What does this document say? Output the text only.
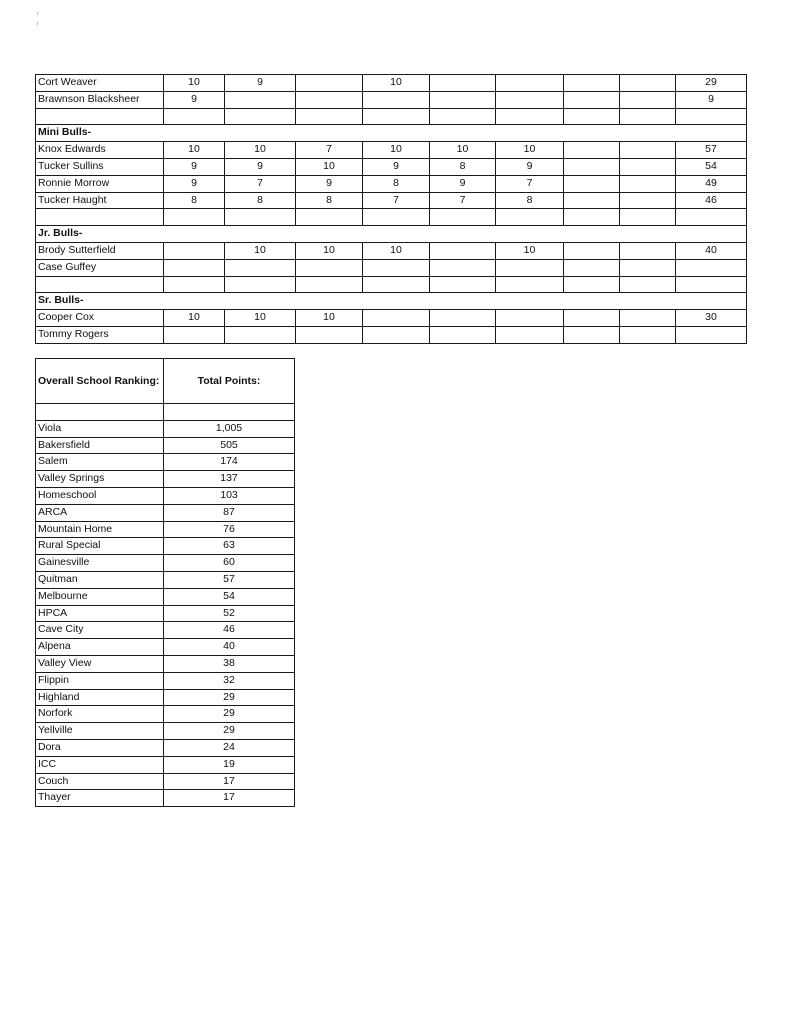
Cort Weaver	10	9		10					29
Brawnson Blacksheer	9								9

Mini Bulls-									
Knox Edwards	10	10	7	10	10	10			57
Tucker Sullins	9	9	10	9	8	9			54
Ronnie Morrow	9	7	9	8	9	7			49
Tucker Haught	8	8	8	7	7	8			46

Jr. Bulls-									
Brody Sutterfield		10	10	10		10			40
Case Guffey									

Sr. Bulls-									
Cooper Cox	10	10	10						30
Tommy Rogers									
Overall School Ranking:	Total Points:

Viola	1,005
Bakersfield	505
Salem	174
Valley Springs	137
Homeschool	103
ARCA	87
Mountain Home	76
Rural Special	63
Gainesville	60
Quitman	57
Melbourne	54
HPCA	52
Cave City	46
Alpena	40
Valley View	38
Flippin	32
Highland	29
Norfork	29
Yellville	29
Dora	24
ICC	19
Couch	17
Thayer	17
